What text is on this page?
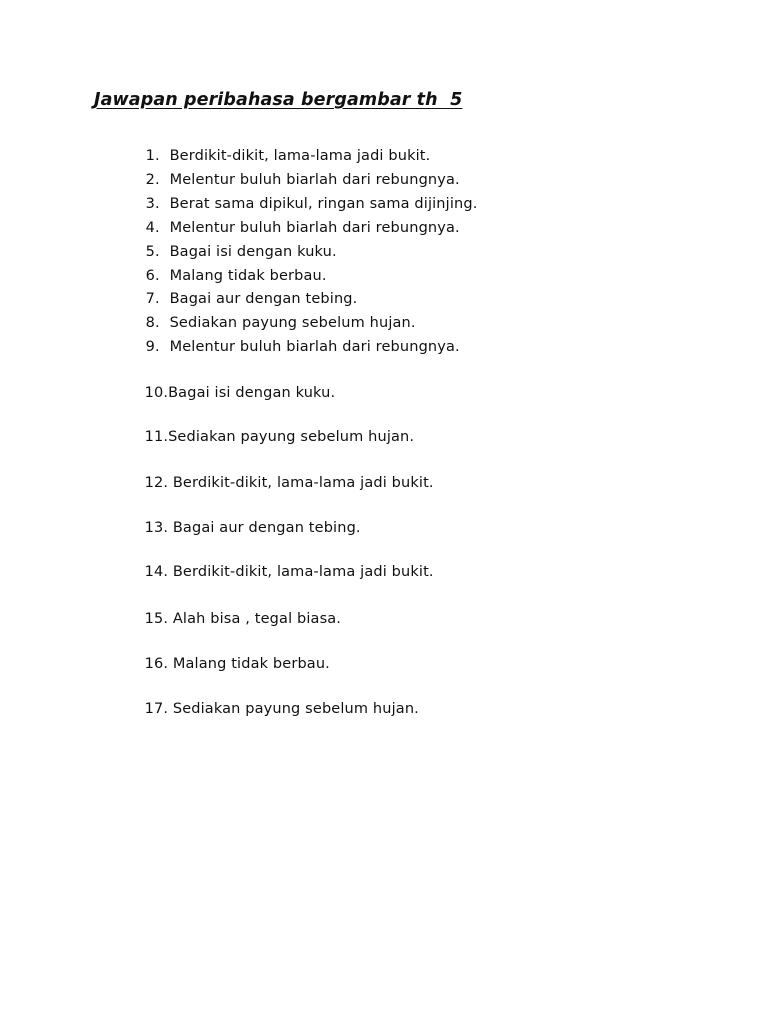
Jawapan peribahasa bergambar th  5

1. Berdikit-dikit, lama-lama jadi bukit.

2. Melentur buluh biarlah dari rebungnya.

3. Berat sama dipikul, ringan sama dijinjing.

4. Melentur buluh biarlah dari rebungnya.

5. Bagai isi dengan kuku.

6. Malang tidak berbau.

7. Bagai aur dengan tebing.

8. Sediakan payung sebelum hujan.

9. Melentur buluh biarlah dari rebungnya.

10.Bagai isi dengan kuku.

11.Sediakan payung sebelum hujan.

12. Berdikit-dikit, lama-lama jadi bukit.

13. Bagai aur dengan tebing.

14. Berdikit-dikit, lama-lama jadi bukit.

15. Alah bisa , tegal biasa.

16. Malang tidak berbau.

17. Sediakan payung sebelum hujan.
